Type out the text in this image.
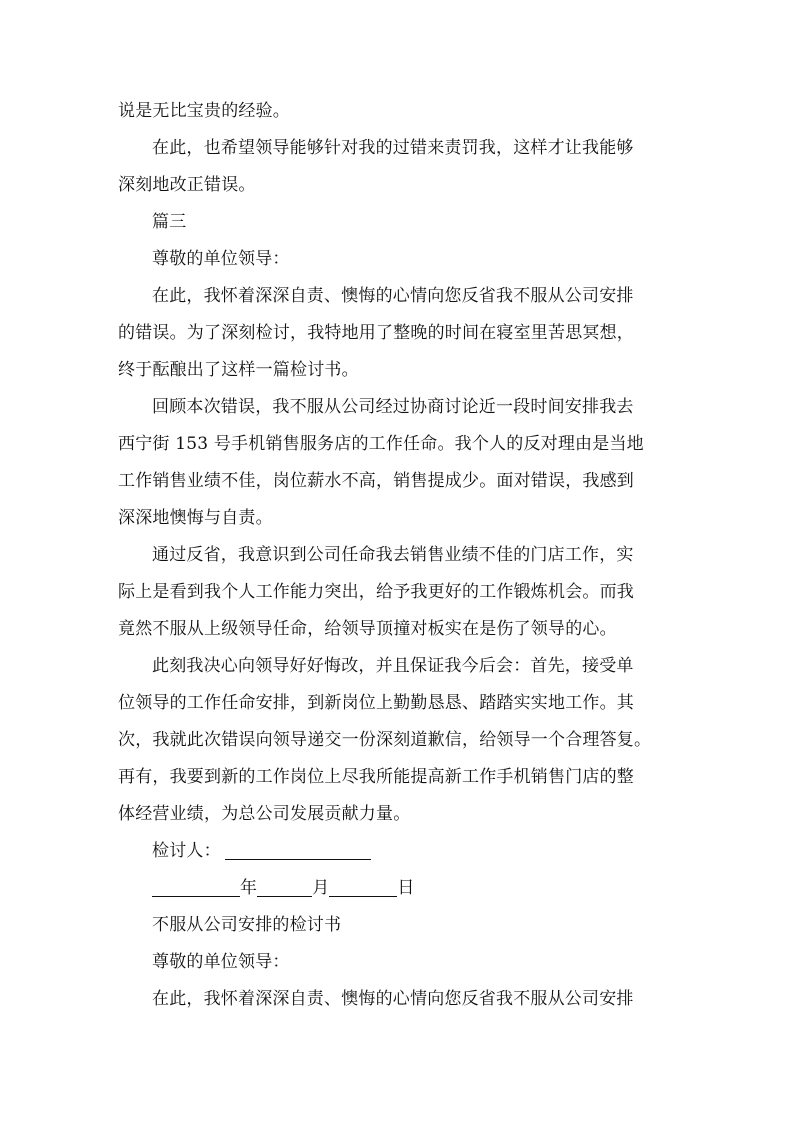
说是无比宝贵的经验。
在此，也希望领导能够针对我的过错来责罚我，这样才让我能够
深刻地改正错误。
篇三
尊敬的单位领导：
在此，我怀着深深自责、懊悔的心情向您反省我不服从公司安排
的错误。为了深刻检讨，我特地用了整晚的时间在寝室里苦思冥想，
终于酝酿出了这样一篇检讨书。
回顾本次错误，我不服从公司经过协商讨论近一段时间安排我去
西宁街 153 号手机销售服务店的工作任命。我个人的反对理由是当地
工作销售业绩不佳，岗位薪水不高，销售提成少。面对错误，我感到
深深地懊悔与自责。
通过反省，我意识到公司任命我去销售业绩不佳的门店工作，实
际上是看到我个人工作能力突出，给予我更好的工作锻炼机会。而我
竟然不服从上级领导任命，给领导顶撞对板实在是伤了领导的心。
此刻我决心向领导好好悔改，并且保证我今后会：首先，接受单
位领导的工作任命安排，到新岗位上勤勤恳恳、踏踏实实地工作。其
次，我就此次错误向领导递交一份深刻道歉信，给领导一个合理答复。
再有，我要到新的工作岗位上尽我所能提高新工作手机销售门店的整
体经营业绩，为总公司发展贡献力量。
检讨人：
年	月	日
不服从公司安排的检讨书
尊敬的单位领导：
在此，我怀着深深自责、懊悔的心情向您反省我不服从公司安排
